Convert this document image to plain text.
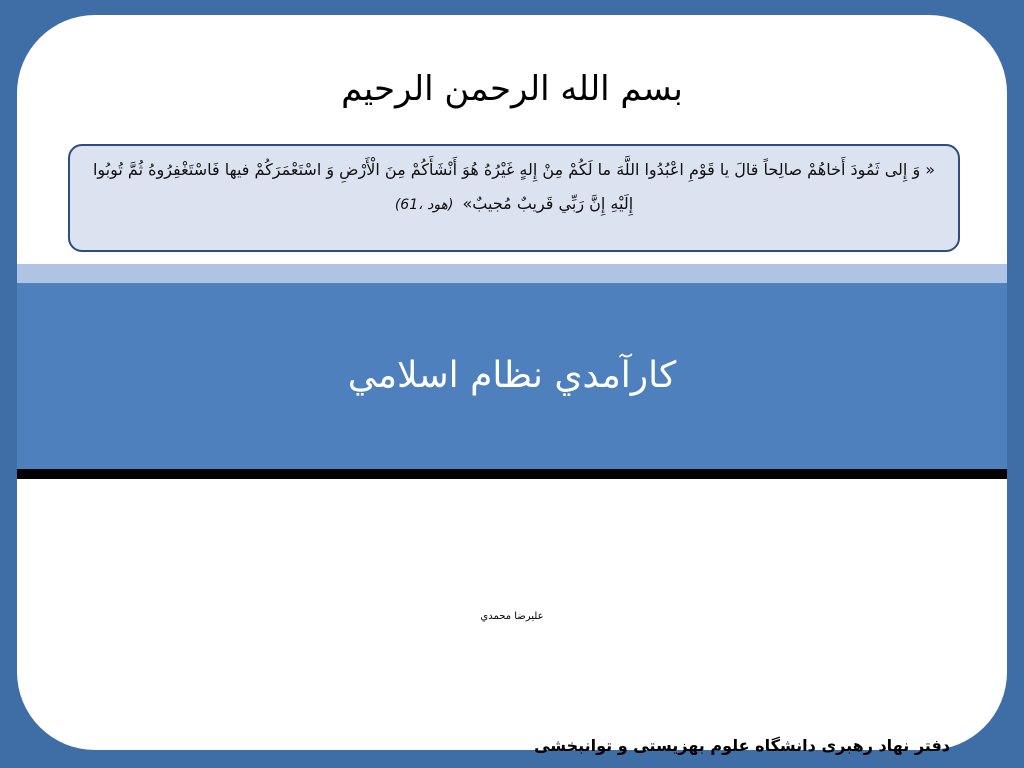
بسم الله الرحمن الرحيم
« وَ إِلى‏ ثَمُودَ أَخاهُمْ صالِحاً قالَ يا قَوْمِ اعْبُدُوا اللَّهَ ما لَكُمْ مِنْ إِلهٍ غَيْرُهُ هُوَ أَنْشَأَكُمْ مِنَ الْأَرْضِ وَ اسْتَعْمَرَكُمْ فيها فَاسْتَغْفِرُوهُ ثُمَّ تُوبُوا إِلَيْهِ إِنَّ رَبِّي قَريبٌ مُجيبٌ» (هود ،61)
كارآمدي نظام اسلامي
عليرضا محمدي
دفتر نهاد رهبری دانشگاه علوم بهزیستی و توانبخشی
